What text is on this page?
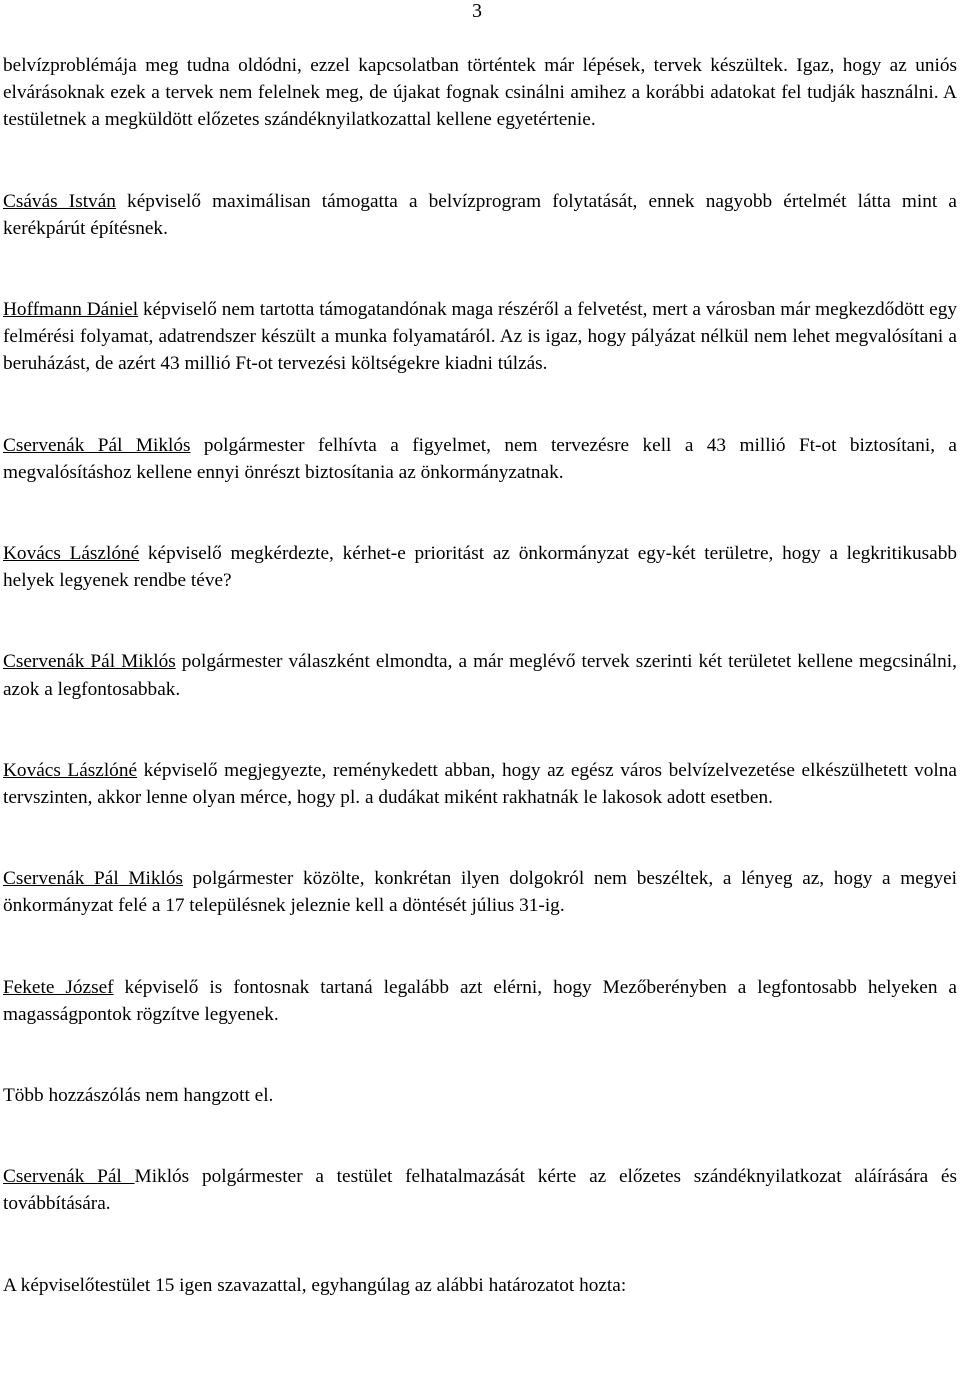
3

belvízproblémája meg tudna oldódni, ezzel kapcsolatban történtek már lépések, tervek készültek. Igaz, hogy az uniós elvárásoknak ezek a tervek nem felelnek meg, de újakat fognak csinálni amihez a korábbi adatokat fel tudják használni. A testületnek a megküldött előzetes szándéknyilatkozattal kellene egyetértenie.

Csávás István képviselő maximálisan támogatta a belvízprogram folytatását, ennek nagyobb értelmét látta mint a kerékpárút építésnek.

Hoffmann Dániel képviselő nem tartotta támogatandónak maga részéről a felvetést, mert a városban már megkezdődött egy felmérési folyamat, adatrendszer készült a munka folyamatáról. Az is igaz, hogy pályázat nélkül nem lehet megvalósítani a beruházást, de azért 43 millió Ft-ot tervezési költségekre kiadni túlzás.

Cservenák Pál Miklós polgármester felhívta a figyelmet, nem tervezésre kell a 43 millió Ft-ot biztosítani, a megvalósításhoz kellene ennyi önrészt biztosítania az önkormányzatnak.

Kovács Lászlóné képviselő megkérdezte, kérhet-e prioritást az önkormányzat egy-két területre, hogy a legkritikusabb helyek legyenek rendbe téve?

Cservenák Pál Miklós polgármester válaszként elmondta, a már meglévő tervek szerinti két területet kellene megcsinálni, azok a legfontosabbak.

Kovács Lászlóné képviselő megjegyezte, reménykedett abban, hogy az egész város belvízelvezetése elkészülhetett volna tervszinten, akkor lenne olyan mérce, hogy pl. a dudákat miként rakhatnák le lakosok adott esetben.

Cservenák Pál Miklós polgármester közölte, konkrétan ilyen dolgokról nem beszéltek, a lényeg az, hogy a megyei önkormányzat felé a 17 településnek jeleznie kell a döntését július 31-ig.

Fekete József képviselő is fontosnak tartaná legalább azt elérni, hogy Mezőberényben a legfontosabb helyeken a magasságpontok rögzítve legyenek.

Több hozzászólás nem hangzott el.

Cservenák Pál Miklós polgármester a testület felhatalmazását kérte az előzetes szándéknyilatkozat aláírására és továbbítására.

A képviselőtestület 15 igen szavazattal, egyhangúlag az alábbi határozatot hozta:
